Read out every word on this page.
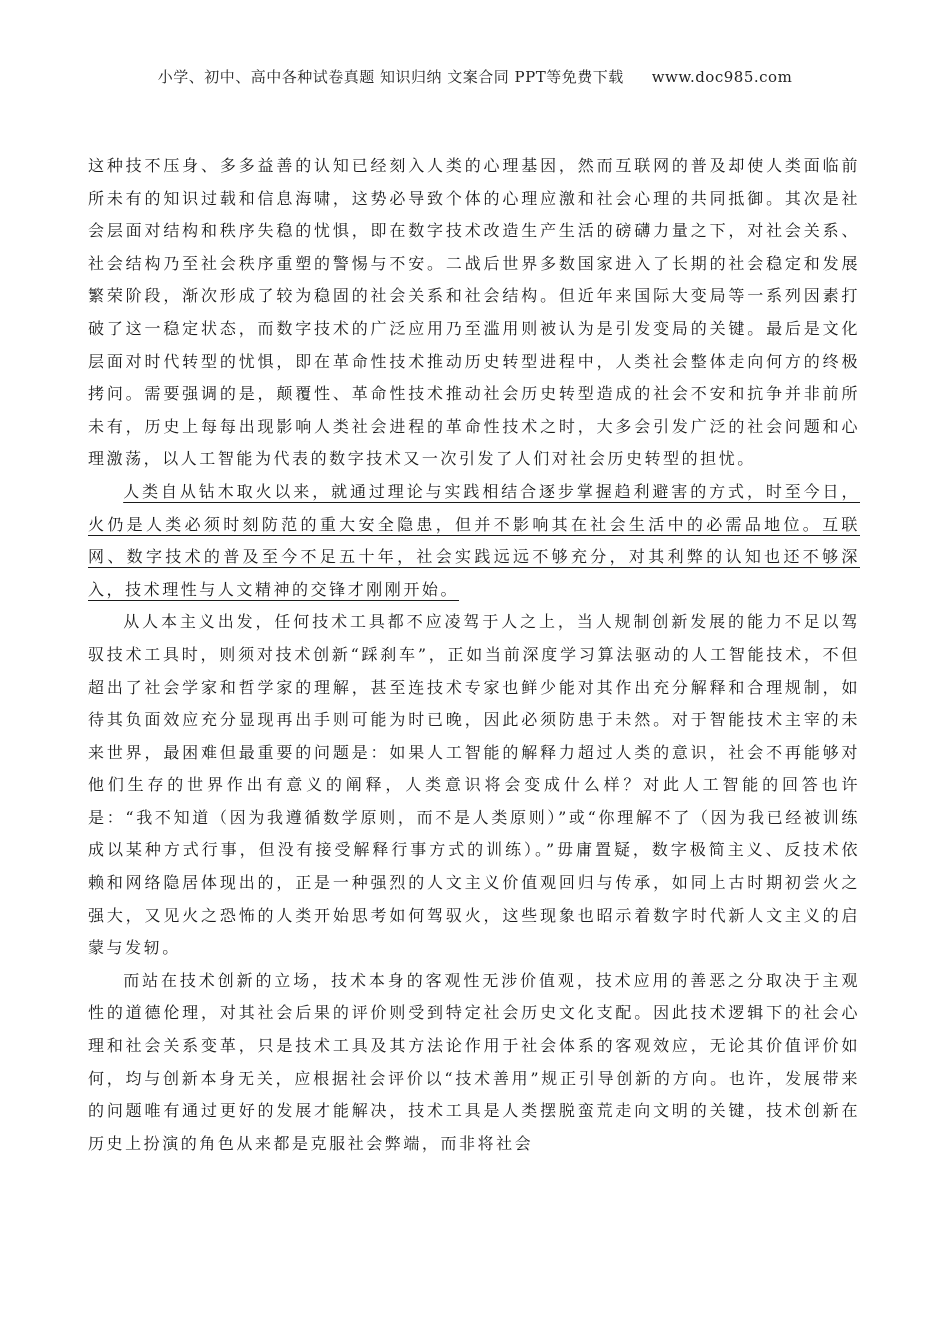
小学、初中、高中各种试卷真题 知识归纳 文案合同 PPT等免费下载 www.doc985.com

这种技不压身、多多益善的认知已经刻入人类的心理基因，然而互联网的普及却使人类面临前所未有的知识过载和信息海啸，这势必导致个体的心理应激和社会心理的共同抵御。其次是社会层面对结构和秩序失稳的忧惧，即在数字技术改造生产生活的磅礴力量之下，对社会关系、社会结构乃至社会秩序重塑的警惕与不安。二战后世界多数国家进入了长期的社会稳定和发展繁荣阶段，渐次形成了较为稳固的社会关系和社会结构。但近年来国际大变局等一系列因素打破了这一稳定状态，而数字技术的广泛应用乃至滥用则被认为是引发变局的关键。最后是文化层面对时代转型的忧惧，即在革命性技术推动历史转型进程中，人类社会整体走向何方的终极拷问。需要强调的是，颠覆性、革命性技术推动社会历史转型造成的社会不安和抗争并非前所未有，历史上每每出现影响人类社会进程的革命性技术之时，大多会引发广泛的社会问题和心理激荡，以人工智能为代表的数字技术又一次引发了人们对社会历史转型的担忧。

人类自从钻木取火以来，就通过理论与实践相结合逐步掌握趋利避害的方式，时至今日，火仍是人类必须时刻防范的重大安全隐患，但并不影响其在社会生活中的必需品地位。互联网、数字技术的普及至今不足五十年，社会实践远远不够充分，对其利弊的认知也还不够深入，技术理性与人文精神的交锋才刚刚开始。

从人本主义出发，任何技术工具都不应凌驾于人之上，当人规制创新发展的能力不足以驾驭技术工具时，则须对技术创新“踩刹车”，正如当前深度学习算法驱动的人工智能技术，不但超出了社会学家和哲学家的理解，甚至连技术专家也鲜少能对其作出充分解释和合理规制，如待其负面效应充分显现再出手则可能为时已晚，因此必须防患于未然。对于智能技术主宰的未来世界，最困难但最重要的问题是：如果人工智能的解释力超过人类的意识，社会不再能够对他们生存的世界作出有意义的阐释，人类意识将会变成什么样？对此人工智能的回答也许是：“我不知道（因为我遵循数学原则，而不是人类原则）”或“你理解不了（因为我已经被训练成以某种方式行事，但没有接受解释行事方式的训练）。”毋庸置疑，数字极简主义、反技术依赖和网络隐居体现出的，正是一种强烈的人文主义价值观回归与传承，如同上古时期初尝火之强大，又见火之恐怖的人类开始思考如何驾驭火，这些现象也昭示着数字时代新人文主义的启蒙与发轫。

而站在技术创新的立场，技术本身的客观性无涉价值观，技术应用的善恶之分取决于主观性的道德伦理，对其社会后果的评价则受到特定社会历史文化支配。因此技术逻辑下的社会心理和社会关系变革，只是技术工具及其方法论作用于社会体系的客观效应，无论其价值评价如何，均与创新本身无关，应根据社会评价以“技术善用”规正引导创新的方向。也许，发展带来的问题唯有通过更好的发展才能解决，技术工具是人类摆脱蛮荒走向文明的关键，技术创新在历史上扮演的角色从来都是克服社会弊端，而非将社会
